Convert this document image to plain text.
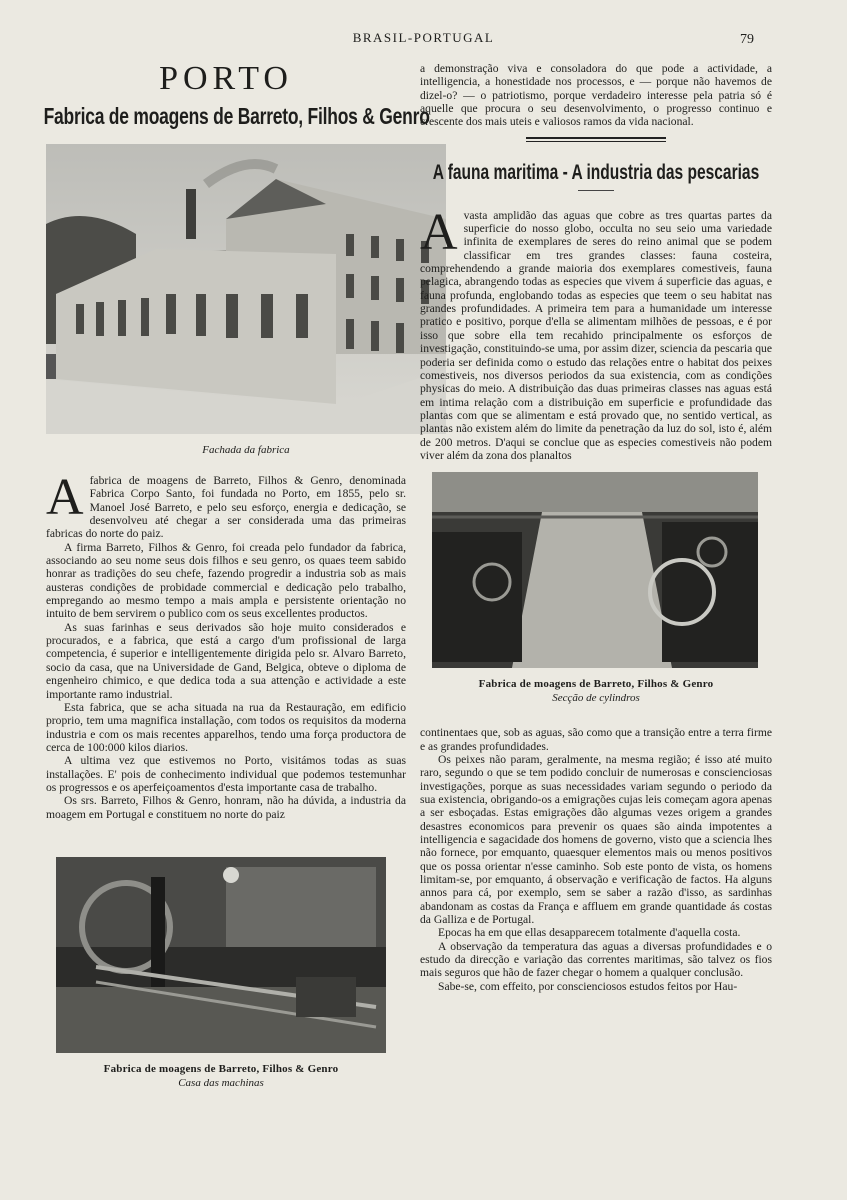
BRASIL-PORTUGAL	79
PORTO
Fabrica de moagens de Barreto, Filhos & Genro
Fachada da fabrica
A fabrica de moagens de Barreto, Filhos & Genro, denominada Fabrica Corpo Santo, foi fundada no Porto, em 1855, pelo sr. Manoel José Barreto, e pelo seu esforço, energia e dedicação, se desenvolveu até chegar a ser considerada uma das primeiras fabricas do norte do paiz.

A firma Barreto, Filhos & Genro, foi creada pelo fundador da fabrica, associando ao seu nome seus dois filhos e seu genro, os quaes teem sabido honrar as tradições do seu chefe, fazendo progredir a industria sob as mais austeras condições de probidade commercial e dedicação pelo trabalho, empregando ao mesmo tempo a mais ampla e persistente orientação no intuito de bem servirem o publico com os seus excellentes productos.

As suas farinhas e seus derivados são hoje muito considerados e procurados, e a fabrica, que está a cargo d'um profissional de larga competencia, é superior e intelligentemente dirigida pelo sr. Alvaro Barreto, socio da casa, que na Universidade de Gand, Belgica, obteve o diploma de engenheiro chimico, e que dedica toda a sua attenção e actividade a este importante ramo industrial.

Esta fabrica, que se acha situada na rua da Restauração, em edificio proprio, tem uma magnifica installação, com todos os requisitos da moderna industria e com os mais recentes apparelhos, tendo uma força productora de cerca de 100:000 kilos diarios.

A ultima vez que estivemos no Porto, visitámos todas as suas installações. E' pois de conhecimento individual que podemos testemunhar os progressos e os aperfeiçoamentos d'esta importante casa de trabalho.

Os srs. Barreto, Filhos & Genro, honram, não ha dúvida, a industria da moagem em Portugal e constituem no norte do paiz

Fabrica de moagens de Barreto, Filhos & Genro
Casa das machinas

a demonstração viva e consoladora do que pode a actividade, a intelligencia, a honestidade nos processos, e — porque não havemos de dizel-o? — o patriotismo, porque verdadeiro interesse pela patria só é aquelle que procura o seu desenvolvimento, o progresso continuo e crescente dos mais uteis e valiosos ramos da vida nacional.

A fauna maritima - A industria das pescarias
A vasta amplidão das aguas que cobre as tres quartas partes da superficie do nosso globo, occulta no seu seio uma variedade infinita de exemplares de seres do reino animal que se podem classificar em tres grandes classes: fauna costeira, comprehendendo a grande maioria dos exemplares comestiveis, fauna pelagica, abrangendo todas as especies que vivem á superficie das aguas, e fauna profunda, englobando todas as especies que teem o seu habitat nas grandes profundidades. A primeira tem para a humanidade um interesse pratico e positivo, porque d'ella se alimentam milhões de pessoas, e é por isso que sobre ella tem recahido principalmente os esforços de investigação, constituindo-se uma, por assim dizer, sciencia da pescaria que poderia ser definida como o estudo das relações entre o habitat dos peixes comestiveis, nos diversos periodos da sua existencia, com as condições physicas do meio. A distribuição das duas primeiras classes nas aguas está em intima relação com a distribuição em superficie e profundidade das plantas com que se alimentam e está provado que, no sentido vertical, as plantas não existem além do limite da penetração da luz do sol, isto é, além de 200 metros. D'aqui se conclue que as especies comestiveis não podem viver além da zona dos planaltos

Fabrica de moagens de Barreto, Filhos & Genro
Secção de cylindros

continentaes que, sob as aguas, são como que a transição entre a terra firme e as grandes profundidades.

Os peixes não param, geralmente, na mesma região; é isso até muito raro, segundo o que se tem podido concluir de numerosas e conscienciosas investigações, porque as suas necessidades variam segundo o periodo da sua existencia, obrigando-os a emigrações cujas leis começam agora apenas a ser esboçadas. Estas emigrações dão algumas vezes origem a grandes desastres economicos para prevenir os quaes são ainda impotentes a intelligencia e sagacidade dos homens de governo, visto que a sciencia lhes não fornece, por emquanto, quaesquer elementos mais ou menos positivos que os possa orientar n'esse caminho. Sob este ponto de vista, os homens limitam-se, por emquanto, á observação e verificação de factos. Ha alguns annos para cá, por exemplo, sem se saber a razão d'isso, as sardinhas abandonam as costas da França e affluem em grande quantidade ás costas da Galliza e de Portugal.

Epocas ha em que ellas desapparecem totalmente d'aquella costa.

A observação da temperatura das aguas a diversas profundidades e o estudo da direcção e variação das correntes maritimas, são talvez os fios mais seguros que hão de fazer chegar o homem a qualquer conclusão.

Sabe-se, com effeito, por conscienciosos estudos feitos por Hau-
